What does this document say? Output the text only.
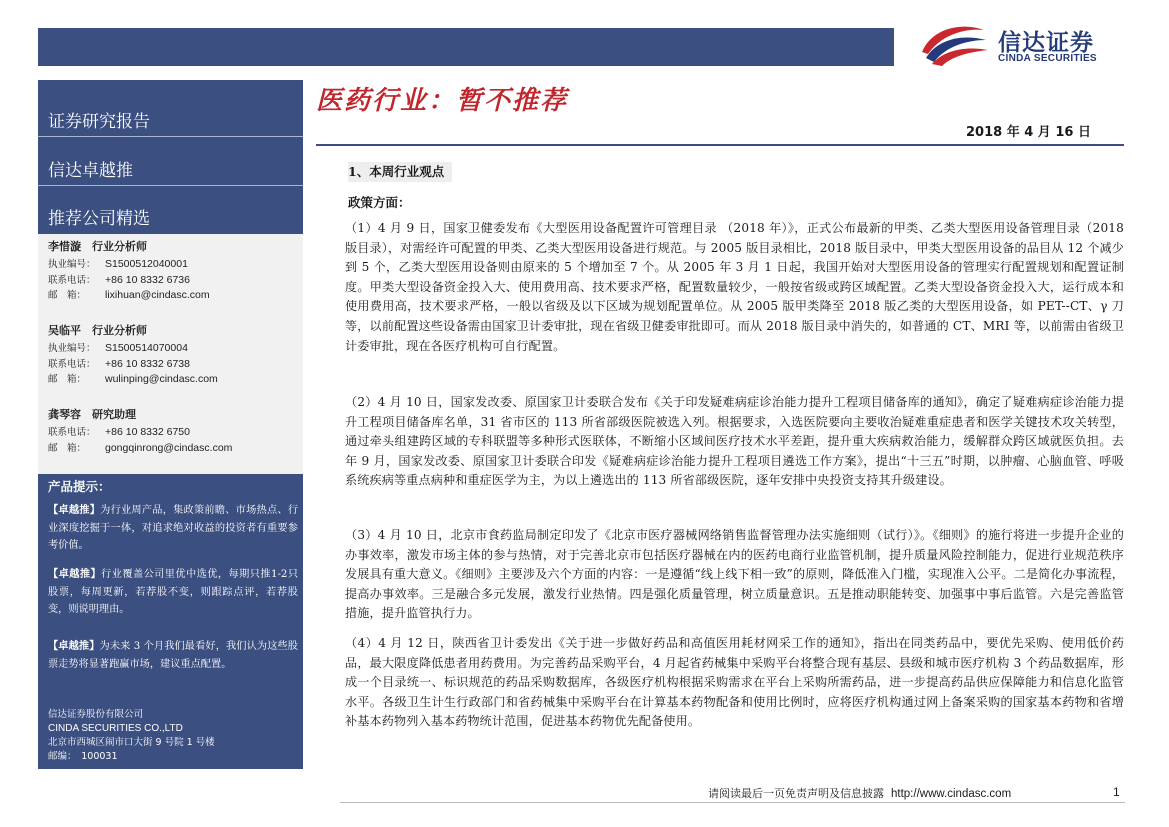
信达证券
CINDA SECURITIES
证券研究报告
信达卓越推
推荐公司精选
李惜漩　行业分析师
执业编号： S1500512040001
联系电话： +86 10 8332 6736
邮　箱： lixihuan@cindasc.com
吴临平　行业分析师
执业编号： S1500514070004
联系电话： +86 10 8332 6738
邮　箱： wulinping@cindasc.com
龚琴容　研究助理
联系电话： +86 10 8332 6750
邮　箱： gongqinrong@cindasc.com
产品提示：
【卓越推】为行业周产品，集政策前瞻、市场热点、行业深度挖掘于一体，对追求绝对收益的投资者有重要参考价值。
【卓越推】行业覆盖公司里优中选优，每期只推1-2只股票，每周更新，若荐股不变，则跟踪点评，若荐股变，则说明理由。
【卓越推】为未来 3 个月我们最看好，我们认为这些股票走势将显著跑赢市场，建议重点配置。
信达证券股份有限公司
CINDA SECURITIES CO.,LTD
北京市西城区闹市口大街 9 号院 1 号楼
邮编：　100031
医药行业：暂不推荐
2018 年 4 月 16 日
1、本周行业观点
政策方面：
（1）4 月 9 日，国家卫健委发布《大型医用设备配置许可管理目录 （2018 年）》，正式公布最新的甲类、乙类大型医用设备管理目录（2018 版目录），对需经许可配置的甲类、乙类大型医用设备进行规范。与 2005 版目录相比，2018 版目录中，甲类大型医用设备的品目从 12 个减少到 5 个，乙类大型医用设备则由原来的 5 个增加至 7 个。从 2005 年 3 月 1 日起，我国开始对大型医用设备的管理实行配置规划和配置证制度。甲类大型设备资金投入大、使用费用高、技术要求严格，配置数量较少，一般按省级或跨区域配置。乙类大型设备资金投入大，运行成本和使用费用高，技术要求严格，一般以省级及以下区域为规划配置单位。从 2005 版甲类降至 2018 版乙类的大型医用设备，如 PET--CT、γ 刀等，以前配置这些设备需由国家卫计委审批，现在省级卫健委审批即可。而从 2018 版目录中消失的，如普通的 CT、MRI 等，以前需由省级卫计委审批，现在各医疗机构可自行配置。
（2）4 月 10 日，国家发改委、原国家卫计委联合发布《关于印发疑难病症诊治能力提升工程项目储备库的通知》，确定了疑难病症诊治能力提升工程项目储备库名单，31 省市区的 113 所省部级医院被选入列。根据要求，入选医院要向主要收治疑难重症患者和医学关键技术攻关转型，通过牵头组建跨区域的专科联盟等多种形式医联体，不断缩小区域间医疗技术水平差距，提升重大疾病救治能力，缓解群众跨区域就医负担。去年 9 月，国家发改委、原国家卫计委联合印发《疑难病症诊治能力提升工程项目遴选工作方案》，提出“十三五”时期，以肿瘤、心脑血管、呼吸系统疾病等重点病种和重症医学为主，为以上遴选出的 113 所省部级医院，逐年安排中央投资支持其升级建设。
（3）4 月 10 日，北京市食药监局制定印发了《北京市医疗器械网络销售监督管理办法实施细则（试行）》。《细则》的施行将进一步提升企业的办事效率，激发市场主体的参与热情，对于完善北京市包括医疗器械在内的医药电商行业监管机制，提升质量风险控制能力，促进行业规范秩序发展具有重大意义。《细则》主要涉及六个方面的内容：一是遵循“线上线下相一致”的原则，降低准入门槛，实现准入公平。二是简化办事流程，提高办事效率。三是融合多元发展，激发行业热情。四是强化质量管理，树立质量意识。五是推动职能转变、加强事中事后监管。六是完善监管措施，提升监管执行力。
（4）4 月 12 日，陕西省卫计委发出《关于进一步做好药品和高值医用耗材网采工作的通知》，指出在同类药品中，要优先采购、使用低价药品，最大限度降低患者用药费用。为完善药品采购平台，4 月起省药械集中采购平台将整合现有基层、县级和城市医疗机构 3 个药品数据库，形成一个目录统一、标识规范的药品采购数据库，各级医疗机构根据采购需求在平台上采购所需药品，进一步提高药品供应保障能力和信息化监管水平。各级卫生计生行政部门和省药械集中采购平台在计算基本药物配备和使用比例时，应将医疗机构通过网上备案采购的国家基本药物和省增补基本药物列入基本药物统计范围，促进基本药物优先配备使用。
请阅读最后一页免责声明及信息披露 http://www.cindasc.com	1
